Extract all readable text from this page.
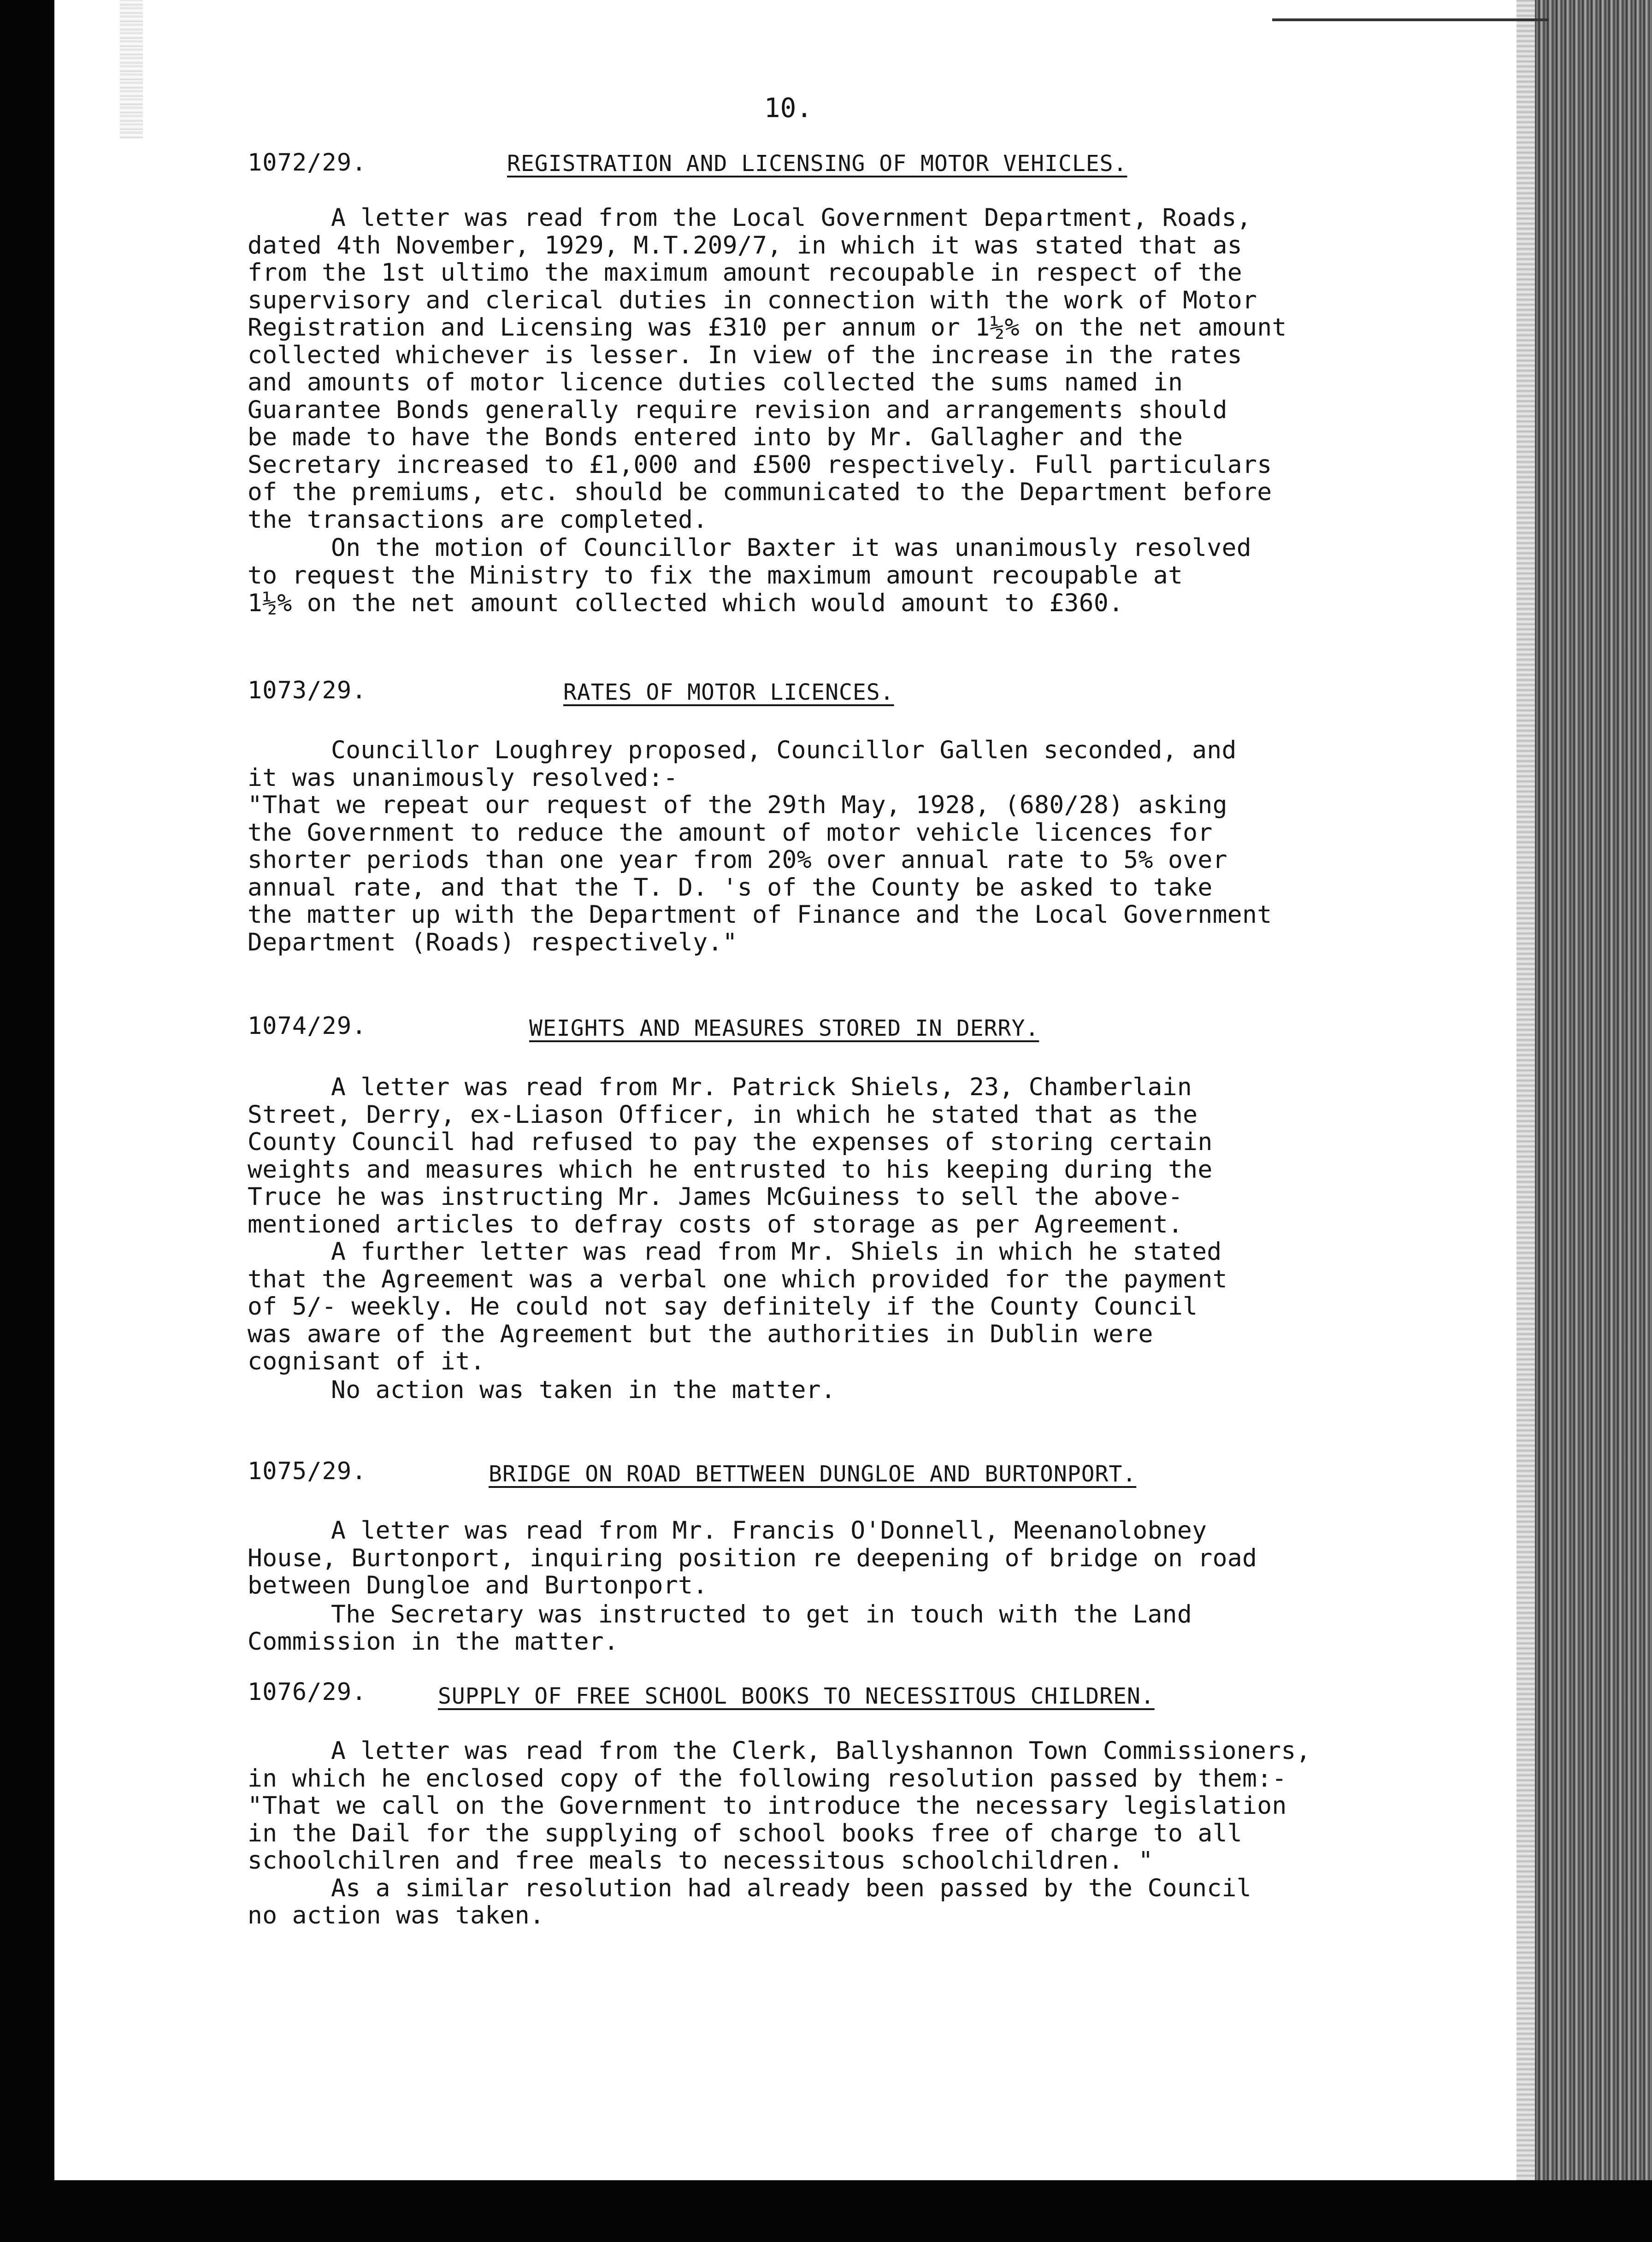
10.
1072/29.	REGISTRATION AND LICENSING OF MOTOR VEHICLES.
A letter was read from the Local Government Department, Roads,
dated 4th November, 1929, M.T.209/7, in which it was stated that as
from the 1st ultimo the maximum amount recoupable in respect of the
supervisory and clerical duties in connection with the work of Motor
Registration and Licensing was £310 per annum or 1½% on the net amount
collected whichever is lesser. In view of the increase in the rates
and amounts of motor licence duties collected the sums named in
Guarantee Bonds generally require revision and arrangements should
be made to have the Bonds entered into by Mr. Gallagher and the
Secretary increased to £1,000 and £500 respectively. Full particulars
of the premiums, etc. should be communicated to the Department before
the transactions are completed.
On the motion of Councillor Baxter it was unanimously resolved
to request the Ministry to fix the maximum amount recoupable at
1½% on the net amount collected which would amount to £360.
1073/29.	RATES OF MOTOR LICENCES.
Councillor Loughrey proposed, Councillor Gallen seconded, and
it was unanimously resolved:-
"That we repeat our request of the 29th May, 1928, (680/28) asking
the Government to reduce the amount of motor vehicle licences for
shorter periods than one year from 20% over annual rate to 5% over
annual rate, and that the T. D. 's of the County be asked to take
the matter up with the Department of Finance and the Local Government
Department (Roads) respectively."
1074/29.	WEIGHTS AND MEASURES STORED IN DERRY.
A letter was read from Mr. Patrick Shiels, 23, Chamberlain
Street, Derry, ex-Liason Officer, in which he stated that as the
County Council had refused to pay the expenses of storing certain
weights and measures which he entrusted to his keeping during the
Truce he was instructing Mr. James McGuiness to sell the above-
mentioned articles to defray costs of storage as per Agreement.
A further letter was read from Mr. Shiels in which he stated
that the Agreement was a verbal one which provided for the payment
of 5/- weekly. He could not say definitely if the County Council
was aware of the Agreement but the authorities in Dublin were
cognisant of it.
No action was taken in the matter.
1075/29.	BRIDGE ON ROAD BETTWEEN DUNGLOE AND BURTONPORT.
A letter was read from Mr. Francis O'Donnell, Meenanolobney
House, Burtonport, inquiring position re deepening of bridge on road
between Dungloe and Burtonport.
The Secretary was instructed to get in touch with the Land
Commission in the matter.
1076/29.	SUPPLY OF FREE SCHOOL BOOKS TO NECESSITOUS CHILDREN.
A letter was read from the Clerk, Ballyshannon Town Commissioners,
in which he enclosed copy of the following resolution passed by them:-
"That we call on the Government to introduce the necessary legislation
in the Dail for the supplying of school books free of charge to all
schoolchilren and free meals to necessitous schoolchildren. "
As a similar resolution had already been passed by the Council
no action was taken.
